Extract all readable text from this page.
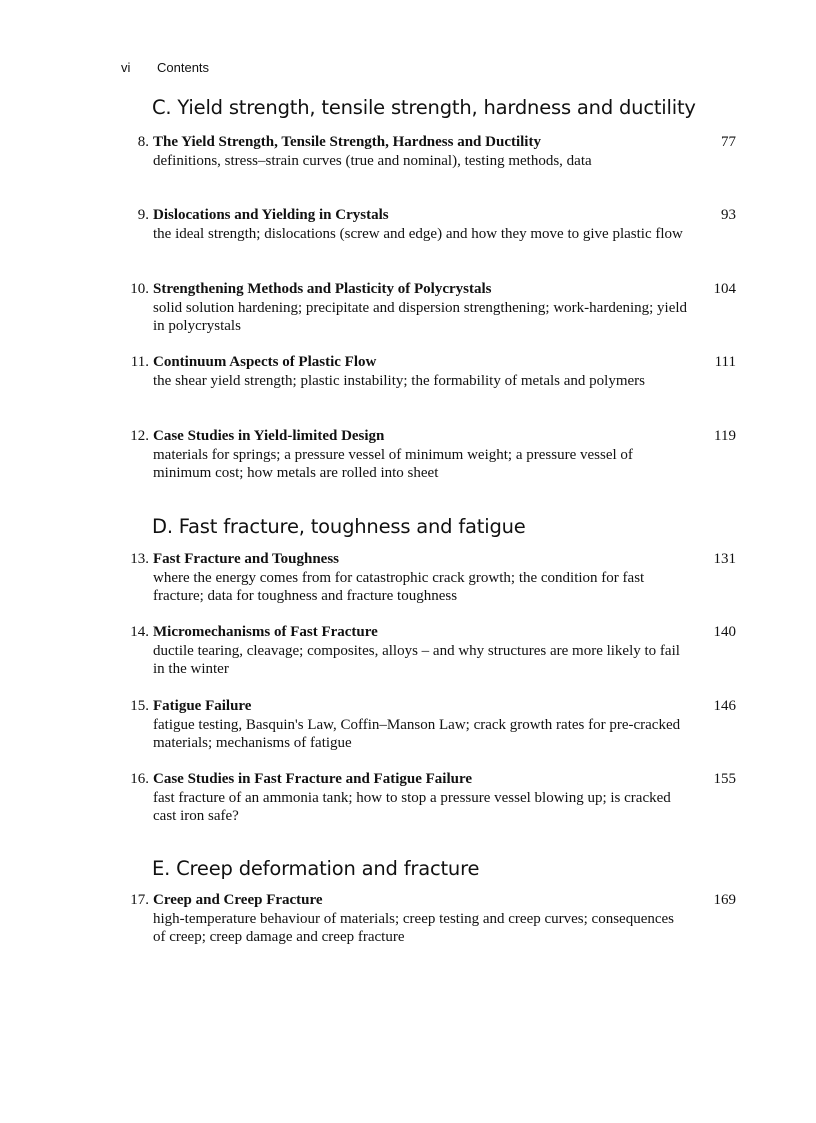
vi Contents
C. Yield strength, tensile strength, hardness and ductility
8. The Yield Strength, Tensile Strength, Hardness and Ductility	77
definitions, stress–strain curves (true and nominal), testing methods, data
9. Dislocations and Yielding in Crystals	93
the ideal strength; dislocations (screw and edge) and how they move to give plastic flow
10. Strengthening Methods and Plasticity of Polycrystals	104
solid solution hardening; precipitate and dispersion strengthening; work-hardening; yield in polycrystals
11. Continuum Aspects of Plastic Flow	111
the shear yield strength; plastic instability; the formability of metals and polymers
12. Case Studies in Yield-limited Design	119
materials for springs; a pressure vessel of minimum weight; a pressure vessel of minimum cost; how metals are rolled into sheet
D. Fast fracture, toughness and fatigue
13. Fast Fracture and Toughness	131
where the energy comes from for catastrophic crack growth; the condition for fast fracture; data for toughness and fracture toughness
14. Micromechanisms of Fast Fracture	140
ductile tearing, cleavage; composites, alloys – and why structures are more likely to fail in the winter
15. Fatigue Failure	146
fatigue testing, Basquin's Law, Coffin–Manson Law; crack growth rates for pre-cracked materials; mechanisms of fatigue
16. Case Studies in Fast Fracture and Fatigue Failure	155
fast fracture of an ammonia tank; how to stop a pressure vessel blowing up; is cracked cast iron safe?
E. Creep deformation and fracture
17. Creep and Creep Fracture	169
high-temperature behaviour of materials; creep testing and creep curves; consequences of creep; creep damage and creep fracture
